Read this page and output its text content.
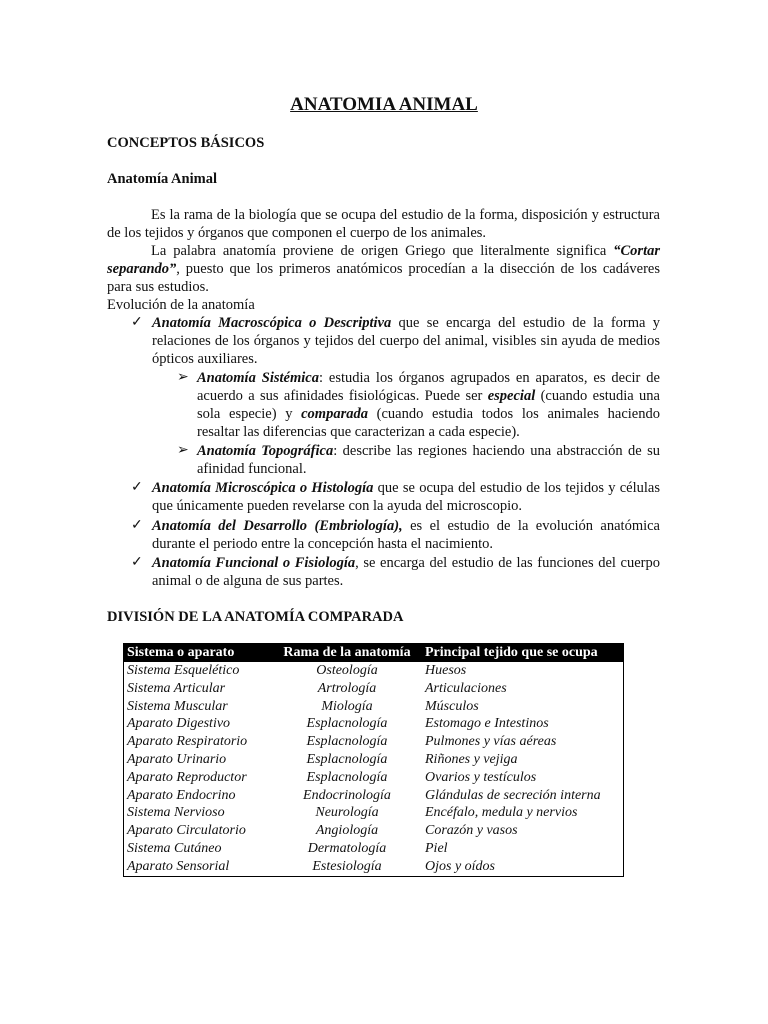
ANATOMIA ANIMAL
CONCEPTOS BÁSICOS
Anatomía Animal
Es la rama de la biología que se ocupa del estudio de la forma, disposición y estructura de los tejidos y órganos que componen el cuerpo de los animales.
La palabra anatomía proviene de origen Griego que literalmente significa “Cortar separando”, puesto que los primeros anatómicos procedían a la disección de los cadáveres para sus estudios.
Evolución de la anatomía
✓ Anatomía Macroscópica o Descriptiva que se encarga del estudio de la forma y relaciones de los órganos y tejidos del cuerpo del animal, visibles sin ayuda de medios ópticos auxiliares.
➢ Anatomía Sistémica: estudia los órganos agrupados en aparatos, es decir de acuerdo a sus afinidades fisiológicas. Puede ser especial (cuando estudia una sola especie) y comparada (cuando estudia todos los animales haciendo resaltar las diferencias que caracterizan a cada especie).
➢ Anatomía Topográfica: describe las regiones haciendo una abstracción de su afinidad funcional.
✓ Anatomía Microscópica o Histología que se ocupa del estudio de los tejidos y células que únicamente pueden revelarse con la ayuda del microscopio.
✓ Anatomía del Desarrollo (Embriología), es el estudio de la evolución anatómica durante el periodo entre la concepción hasta el nacimiento.
✓ Anatomía Funcional o Fisiología, se encarga del estudio de las funciones del cuerpo animal o de alguna de sus partes.
DIVISIÓN DE LA ANATOMÍA COMPARADA
Sistema o aparato	Rama de la anatomía	Principal tejido que se ocupa
Sistema Esquelético	Osteología	Huesos
Sistema Articular	Artrología	Articulaciones
Sistema Muscular	Miología	Músculos
Aparato Digestivo	Esplacnología	Estomago e Intestinos
Aparato Respiratorio	Esplacnología	Pulmones y vías aéreas
Aparato Urinario	Esplacnología	Riñones y vejiga
Aparato Reproductor	Esplacnología	Ovarios y testículos
Aparato Endocrino	Endocrinología	Glándulas de secreción interna
Sistema Nervioso	Neurología	Encéfalo, medula y nervios
Aparato Circulatorio	Angiología	Corazón y vasos
Sistema Cutáneo	Dermatología	Piel
Aparato Sensorial	Estesiología	Ojos y oídos
